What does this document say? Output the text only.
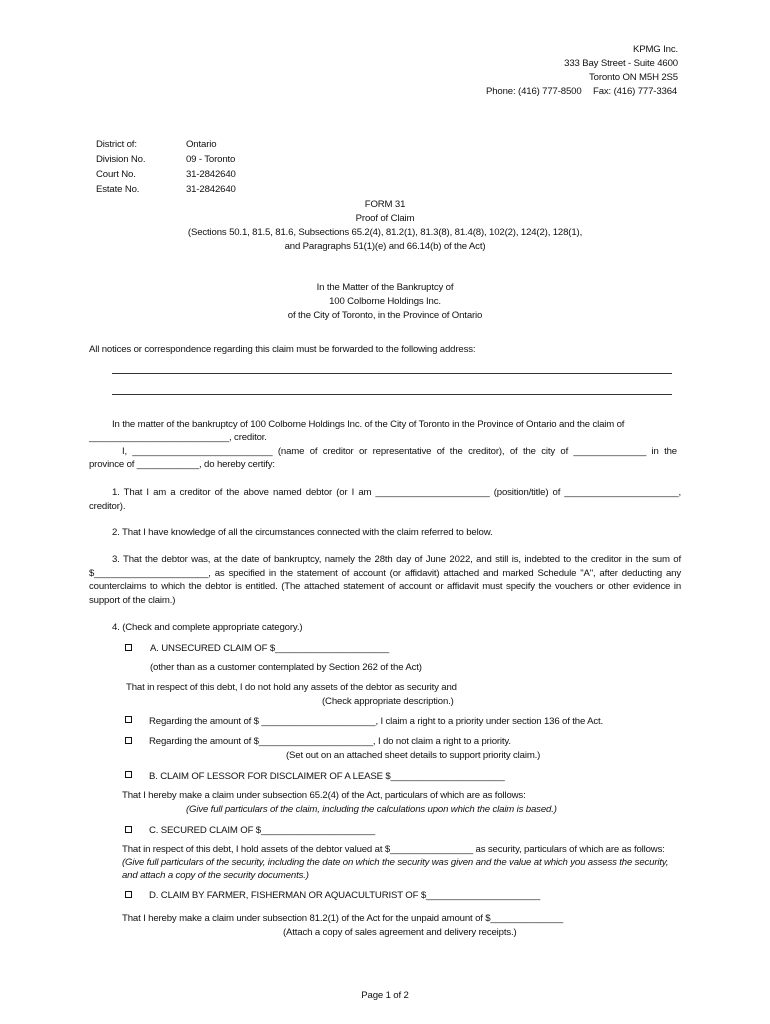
KPMG Inc.
333 Bay Street - Suite 4600
Toronto ON M5H 2S5
Phone: (416) 777-8500 Fax: (416) 777-3364
District of:	Ontario
Division No.	09 - Toronto
Court No.	31-2842640
Estate No.	31-2842640
FORM 31
Proof of Claim
(Sections 50.1, 81.5, 81.6, Subsections 65.2(4), 81.2(1), 81.3(8), 81.4(8), 102(2), 124(2), 128(1),
and Paragraphs 51(1)(e) and 66.14(b) of the Act)
In the Matter of the Bankruptcy of
100 Colborne Holdings Inc.
of the City of Toronto, in the Province of Ontario
All notices or correspondence regarding this claim must be forwarded to the following address:
In the matter of the bankruptcy of 100 Colborne Holdings Inc. of the City of Toronto in the Province of Ontario and the claim of
___________________________, creditor.
I, ___________________________ (name of creditor or representative of the creditor), of the city of ______________ in the
province of ____________, do hereby certify:
1. That I am a creditor of the above named debtor (or I am ______________________ (position/title) of ______________________, creditor).
2. That I have knowledge of all the circumstances connected with the claim referred to below.
3. That the debtor was, at the date of bankruptcy, namely the 28th day of June 2022, and still is, indebted to the creditor in the sum of $______________________, as specified in the statement of account (or affidavit) attached and marked Schedule "A", after deducting any counterclaims to which the debtor is entitled. (The attached statement of account or affidavit must specify the vouchers or other evidence in support of the claim.)
4. (Check and complete appropriate category.)
A. UNSECURED CLAIM OF $______________________
(other than as a customer contemplated by Section 262 of the Act)
That in respect of this debt, I do not hold any assets of the debtor as security and
(Check appropriate description.)
Regarding the amount of $ ______________________, I claim a right to a priority under section 136 of the Act.
Regarding the amount of $______________________, I do not claim a right to a priority.
(Set out on an attached sheet details to support priority claim.)
B. CLAIM OF LESSOR FOR DISCLAIMER OF A LEASE $______________________
That I hereby make a claim under subsection 65.2(4) of the Act, particulars of which are as follows:
(Give full particulars of the claim, including the calculations upon which the claim is based.)
C. SECURED CLAIM OF $______________________
That in respect of this debt, I hold assets of the debtor valued at $________________ as security, particulars of which are as follows:
(Give full particulars of the security, including the date on which the security was given and the value at which you assess the security,
and attach a copy of the security documents.)
D. CLAIM BY FARMER, FISHERMAN OR AQUACULTURIST OF $______________________
That I hereby make a claim under subsection 81.2(1) of the Act for the unpaid amount of $______________
(Attach a copy of sales agreement and delivery receipts.)
Page 1 of 2
